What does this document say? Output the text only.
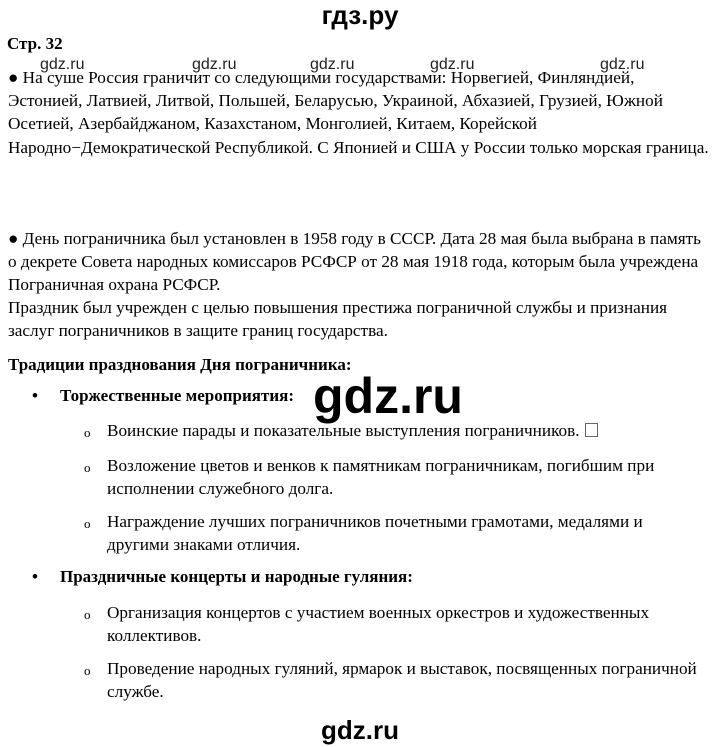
гдз.ру
Стр. 32
gdz.ru	gdz.ru	gdz.ru	gdz.ru	gdz.ru

● На суше Россия граничит со следующими государствами: Норвегией, Финляндией, Эстонией, Латвией, Литвой, Польшей, Беларусью, Украиной, Абхазией, Грузией, Южной Осетией, Азербайджаном, Казахстаном, Монголией, Китаем, Корейской Народно−Демократической Республикой. С Японией и США у России только морская граница.

● День пограничника был установлен в 1958 году в СССР. Дата 28 мая была выбрана в память о декрете Совета народных комиссаров РСФСР от 28 мая 1918 года, которым была учреждена Пограничная охрана РСФСР.

Праздник был учрежден с целью повышения престижа пограничной службы и признания заслуг пограничников в защите границ государства.

Традиции празднования Дня пограничника:
• Торжественные мероприятия: gdz.ru
o Воинские парады и показательные выступления пограничников.
o Возложение цветов и венков к памятникам пограничникам, погибшим при исполнении служебного долга.
o Награждение лучших пограничников почетными грамотами, медалями и другими знаками отличия.
• Праздничные концерты и народные гуляния:
o Организация концертов с участием военных оркестров и художественных коллективов.
o Проведение народных гуляний, ярмарок и выставок, посвященных пограничной службе.
gdz.ru
